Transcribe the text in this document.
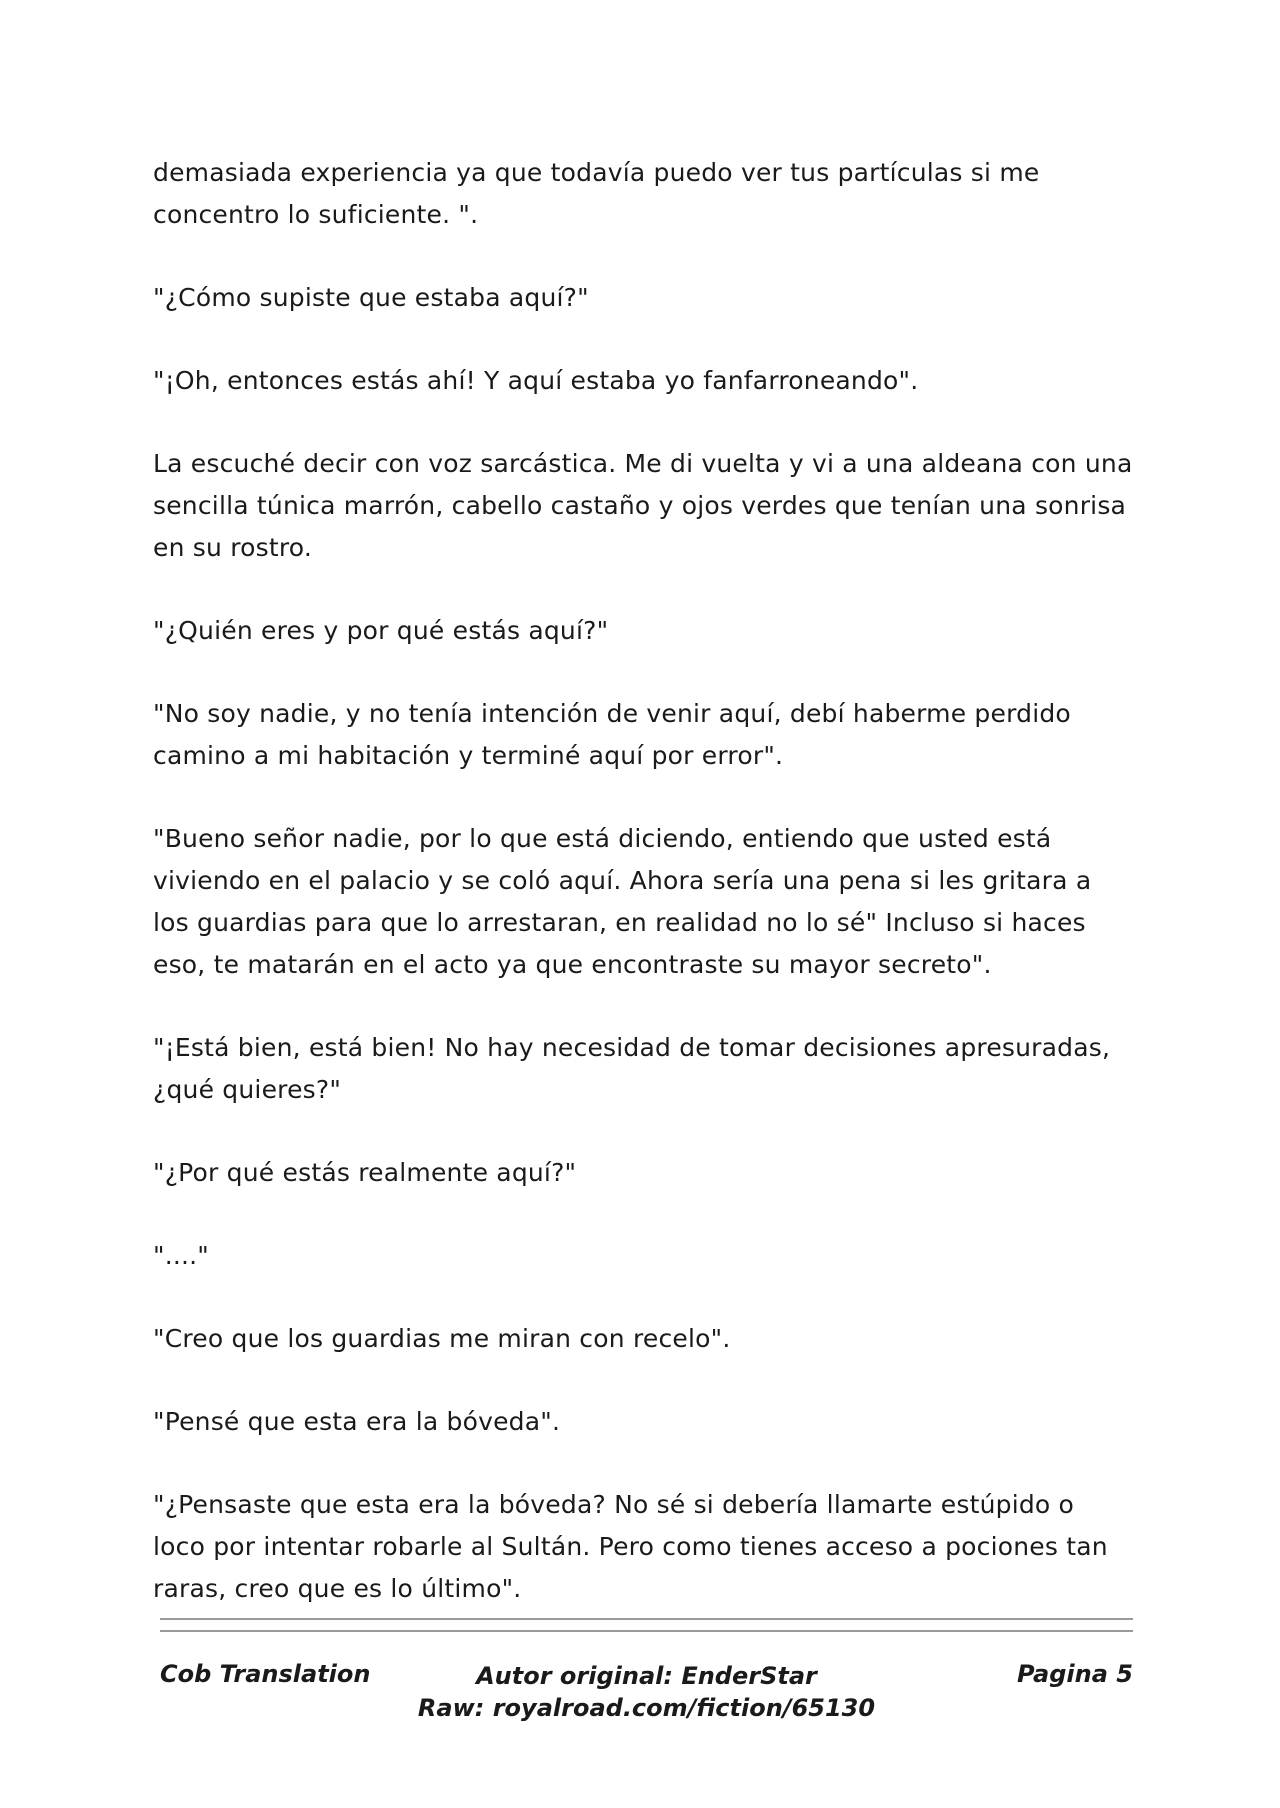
demasiada experiencia ya que todavía puedo ver tus partículas si me concentro lo suficiente. ".

"¿Cómo supiste que estaba aquí?"

"¡Oh, entonces estás ahí! Y aquí estaba yo fanfarroneando".

La escuché decir con voz sarcástica. Me di vuelta y vi a una aldeana con una sencilla túnica marrón, cabello castaño y ojos verdes que tenían una sonrisa en su rostro.

"¿Quién eres y por qué estás aquí?"

"No soy nadie, y no tenía intención de venir aquí, debí haberme perdido camino a mi habitación y terminé aquí por error".

"Bueno señor nadie, por lo que está diciendo, entiendo que usted está viviendo en el palacio y se coló aquí. Ahora sería una pena si les gritara a los guardias para que lo arrestaran, en realidad no lo sé" Incluso si haces eso, te matarán en el acto ya que encontraste su mayor secreto".

"¡Está bien, está bien! No hay necesidad de tomar decisiones apresuradas, ¿qué quieres?"

"¿Por qué estás realmente aquí?"

"...."

"Creo que los guardias me miran con recelo".

"Pensé que esta era la bóveda".

"¿Pensaste que esta era la bóveda? No sé si debería llamarte estúpido o loco por intentar robarle al Sultán. Pero como tienes acceso a pociones tan raras, creo que es lo último".

Cob Translation	Autor original: EnderStar
Raw: royalroad.com/fiction/65130
Pagina 5
